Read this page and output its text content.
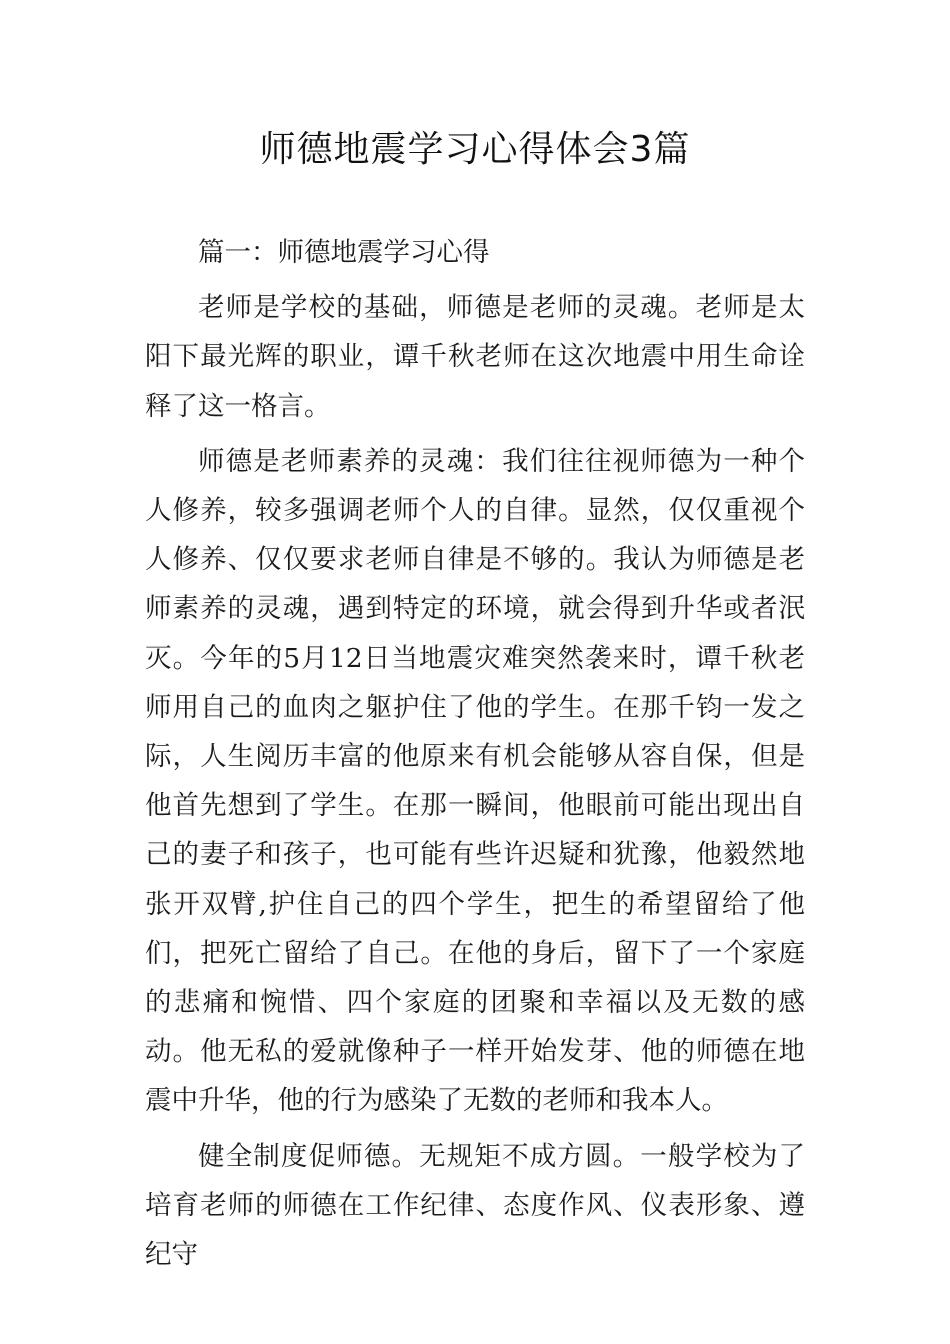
师德地震学习心得体会3篇

篇一：师德地震学习心得

老师是学校的基础，师德是老师的灵魂。老师是太阳下最光辉的职业，谭千秋老师在这次地震中用生命诠释了这一格言。

师德是老师素养的灵魂：我们往往视师德为一种个人修养，较多强调老师个人的自律。显然，仅仅重视个人修养、仅仅要求老师自律是不够的。我认为师德是老师素养的灵魂，遇到特定的环境，就会得到升华或者泯灭。今年的5月12日当地震灾难突然袭来时，谭千秋老师用自己的血肉之躯护住了他的学生。在那千钧一发之际，人生阅历丰富的他原来有机会能够从容自保，但是他首先想到了学生。在那一瞬间，他眼前可能出现出自己的妻子和孩子，也可能有些许迟疑和犹豫，他毅然地张开双臂,护住自己的四个学生，把生的希望留给了他们，把死亡留给了自己。在他的身后，留下了一个家庭的悲痛和惋惜、四个家庭的团聚和幸福以及无数的感动。他无私的爱就像种子一样开始发芽、他的师德在地震中升华，他的行为感染了无数的老师和我本人。

健全制度促师德。无规矩不成方圆。一般学校为了培育老师的师德在工作纪律、态度作风、仪表形象、遵纪守
